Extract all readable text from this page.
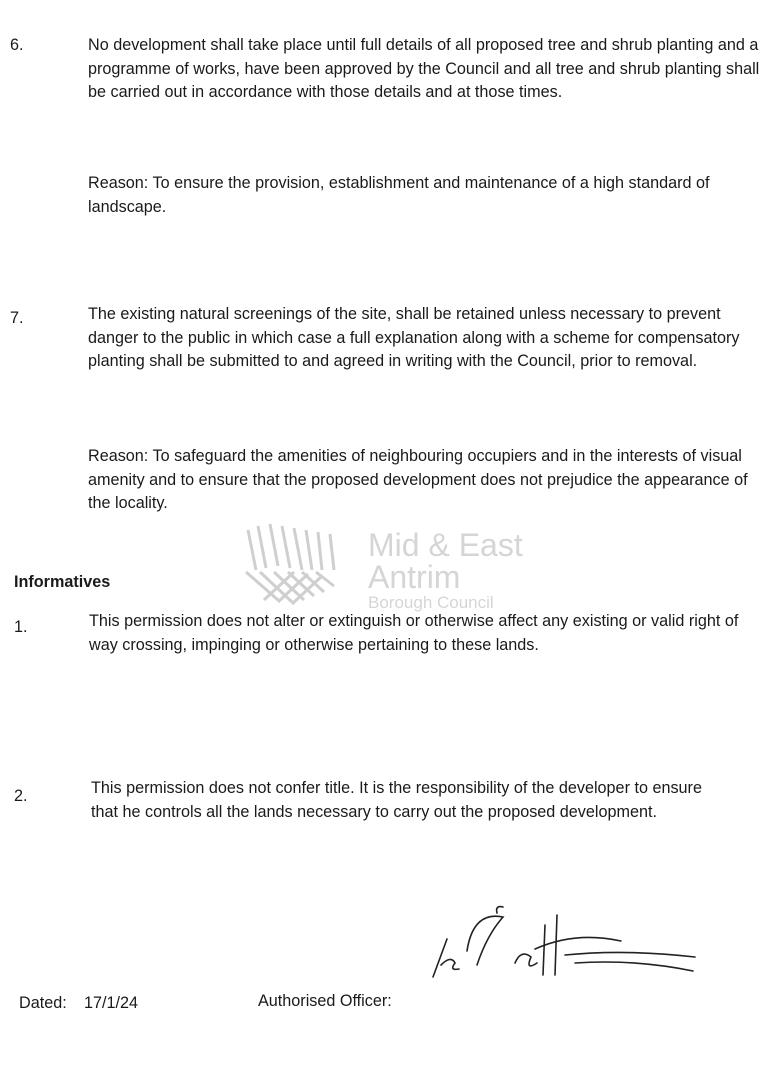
Mid & East
Antrim
Borough Council
6.	No development shall take place until full details of all proposed tree and shrub planting and a programme of works, have been approved by the Council and all tree and shrub planting shall be carried out in accordance with those details and at those times.

Reason: To ensure the provision, establishment and maintenance of a high standard of landscape.

7.	The existing natural screenings of the site, shall be retained unless necessary to prevent danger to the public in which case a full explanation along with a scheme for compensatory planting shall be submitted to and agreed in writing with the Council, prior to removal.

Reason: To safeguard the amenities of neighbouring occupiers and in the interests of visual amenity and to ensure that the proposed development does not prejudice the appearance of the locality.

Informatives
1.	This permission does not alter or extinguish or otherwise affect any existing or valid right of way crossing, impinging or otherwise pertaining to these lands.

2.	This permission does not confer title. It is the responsibility of the developer to ensure that he controls all the lands necessary to carry out the proposed development.

Dated: 17/1/24	Authorised Officer:
